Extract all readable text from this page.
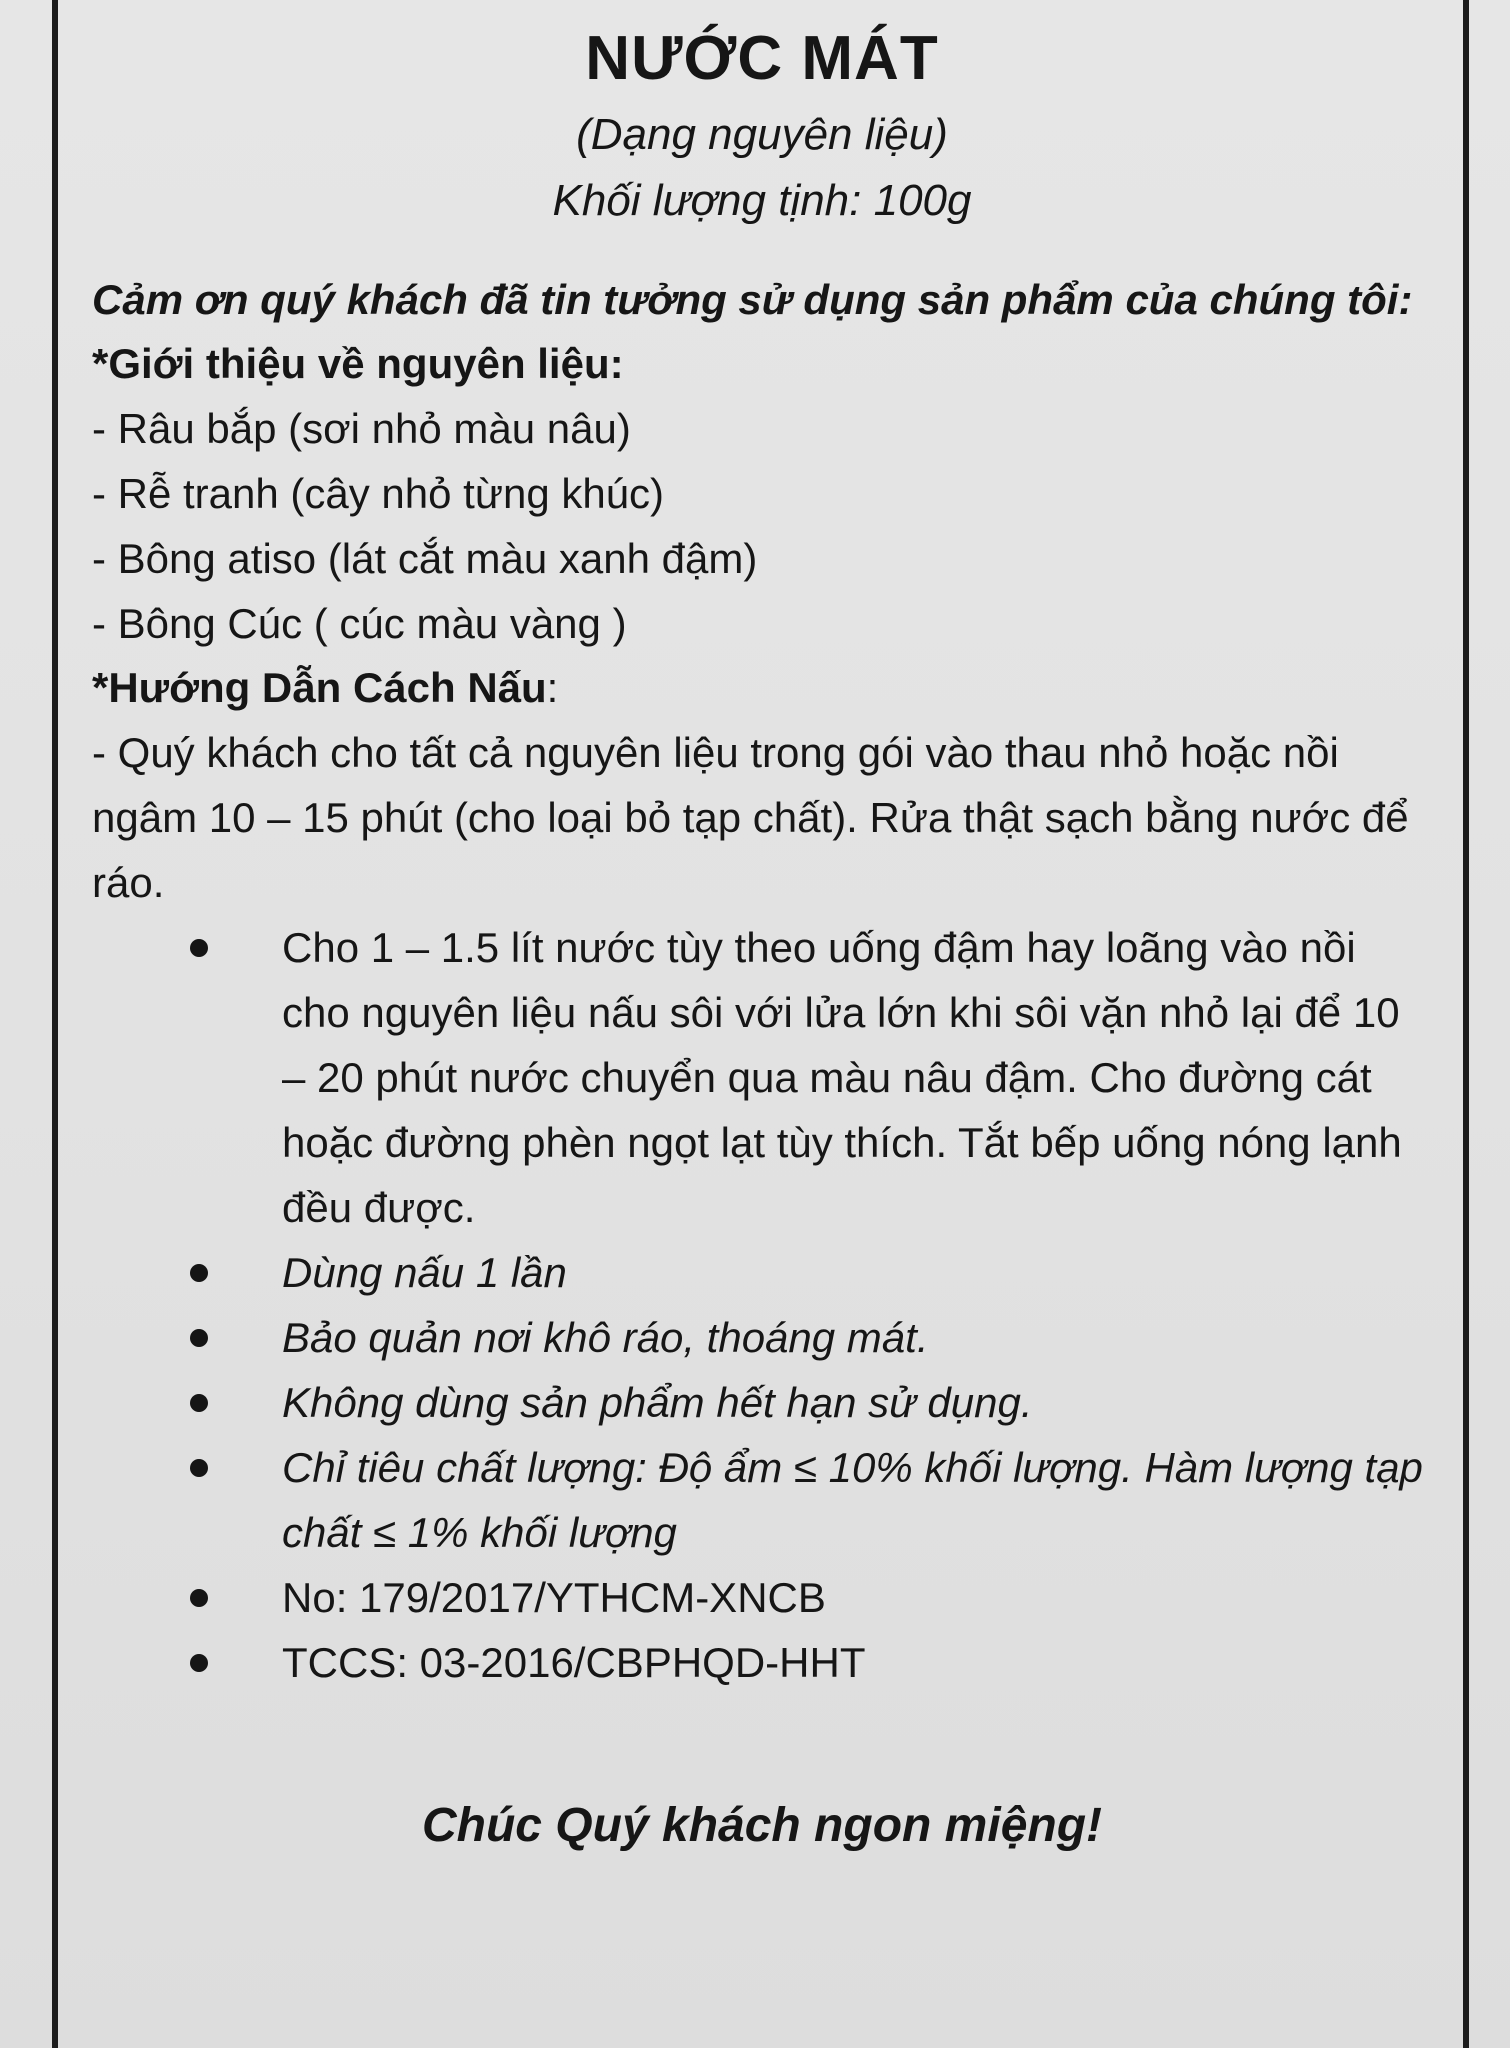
NƯỚC MÁT

(Dạng nguyên liệu)

Khối lượng tịnh: 100g

Cảm ơn quý khách đã tin tưởng sử dụng sản phẩm của chúng tôi:

*Giới thiệu về nguyên liệu:

- Râu bắp (sơi nhỏ màu nâu)

- Rễ tranh (cây nhỏ từng khúc)

- Bông atiso (lát cắt màu xanh đậm)

- Bông Cúc ( cúc màu vàng )

*Hướng Dẫn Cách Nấu:

- Quý khách cho tất cả nguyên liệu trong gói vào thau nhỏ hoặc nồi ngâm 10 – 15 phút (cho loại bỏ tạp chất). Rửa thật sạch bằng nước để ráo.

Cho 1 – 1.5 lít nước tùy theo uống đậm hay loãng vào nồi cho nguyên liệu nấu sôi với lửa lớn khi sôi vặn nhỏ lại để 10 – 20 phút nước chuyển qua màu nâu đậm. Cho đường cát hoặc đường phèn ngọt lạt tùy thích. Tắt bếp uống nóng lạnh đều được.
Dùng nấu 1 lần
Bảo quản nơi khô ráo, thoáng mát.
Không dùng sản phẩm hết hạn sử dụng.
Chỉ tiêu chất lượng: Độ ẩm ≤ 10% khối lượng. Hàm lượng tạp chất ≤ 1% khối lượng
No: 179/2017/YTHCM-XNCB
TCCS: 03-2016/CBPHQD-HHT

Chúc Quý khách ngon miệng!
